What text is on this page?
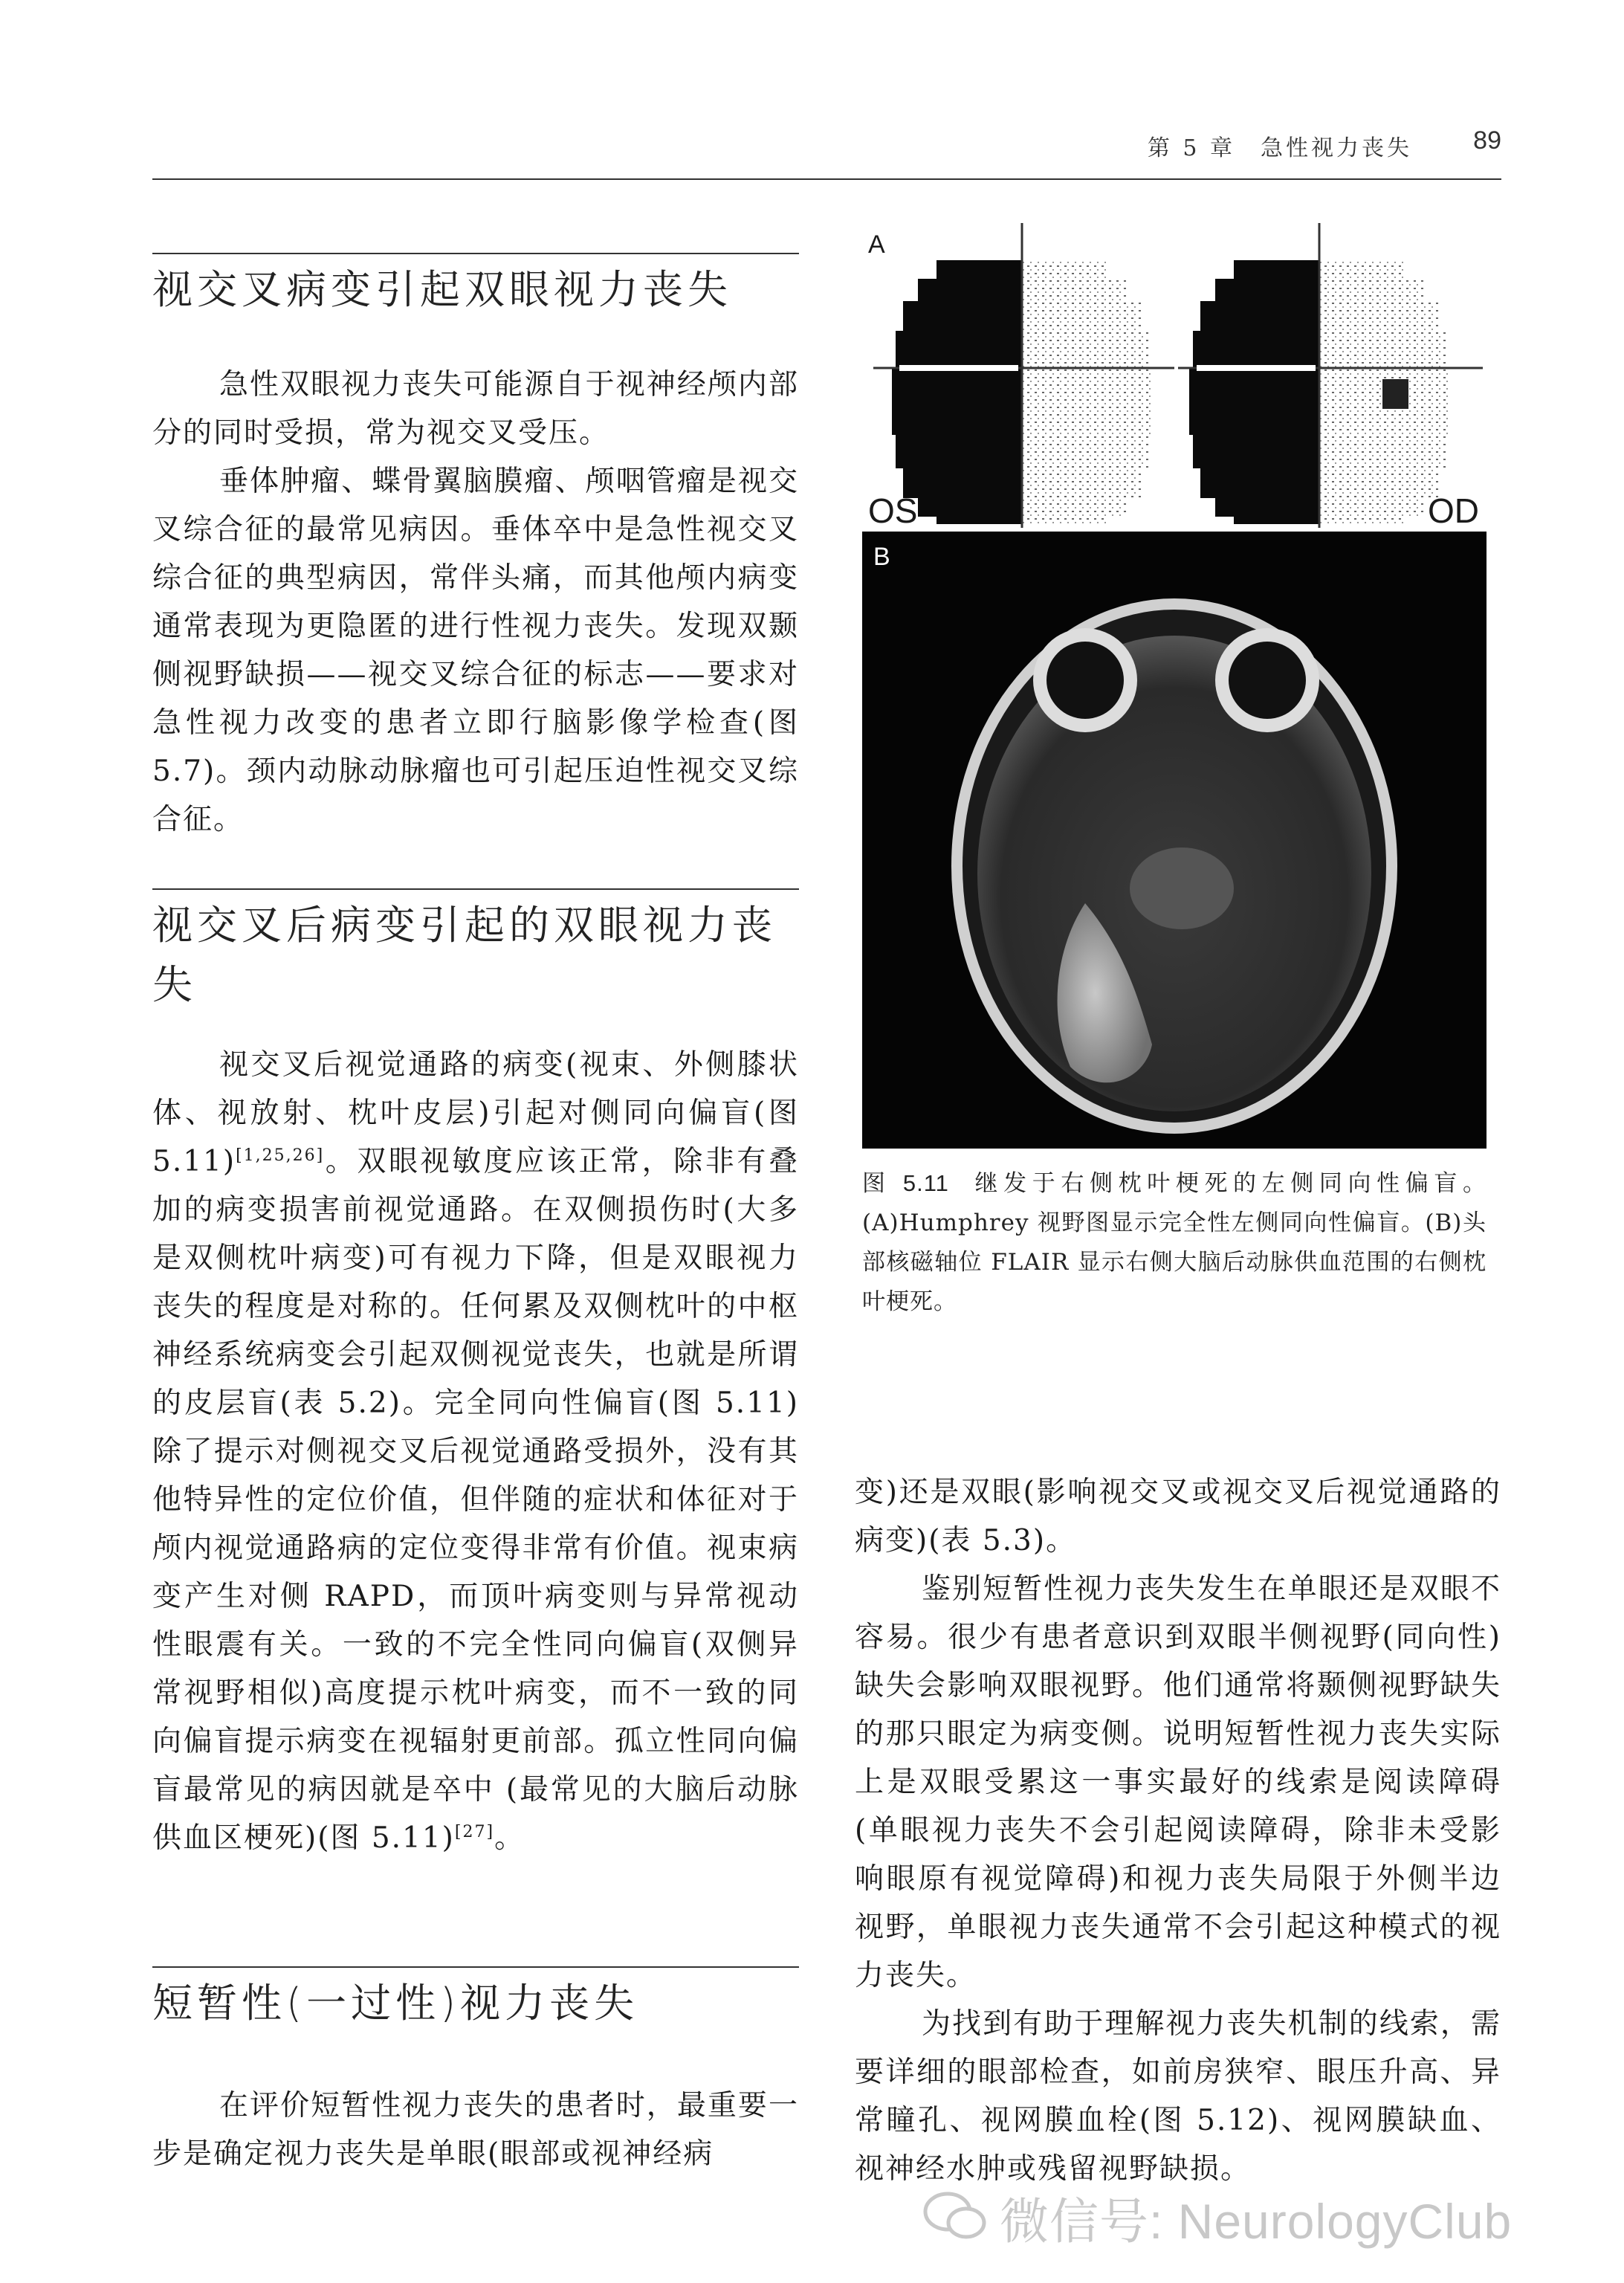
第 5 章　急性视力丧失 89
视交叉病变引起双眼视力丧失
急性双眼视力丧失可能源自于视神经颅内部分的同时受损，常为视交叉受压。
垂体肿瘤、蝶骨翼脑膜瘤、颅咽管瘤是视交叉综合征的最常见病因。垂体卒中是急性视交叉综合征的典型病因，常伴头痛，而其他颅内病变通常表现为更隐匿的进行性视力丧失。发现双颞侧视野缺损——视交叉综合征的标志——要求对急性视力改变的患者立即行脑影像学检查(图 5.7)。颈内动脉动脉瘤也可引起压迫性视交叉综合征。
视交叉后病变引起的双眼视力丧失
视交叉后视觉通路的病变(视束、外侧膝状体、视放射、枕叶皮层)引起对侧同向偏盲(图 5.11)[1,25,26]。双眼视敏度应该正常，除非有叠加的病变损害前视觉通路。在双侧损伤时(大多是双侧枕叶病变)可有视力下降，但是双眼视力丧失的程度是对称的。任何累及双侧枕叶的中枢神经系统病变会引起双侧视觉丧失，也就是所谓的皮层盲(表 5.2)。完全同向性偏盲(图 5.11)除了提示对侧视交叉后视觉通路受损外，没有其他特异性的定位价值，但伴随的症状和体征对于颅内视觉通路病的定位变得非常有价值。视束病变产生对侧 RAPD，而顶叶病变则与异常视动性眼震有关。一致的不完全性同向偏盲(双侧异常视野相似)高度提示枕叶病变，而不一致的同向偏盲提示病变在视辐射更前部。孤立性同向偏盲最常见的病因就是卒中 (最常见的大脑后动脉供血区梗死)(图 5.11)[27]。
短暂性(一过性)视力丧失
在评价短暂性视力丧失的患者时，最重要一步是确定视力丧失是单眼(眼部或视神经病
A
OS	OD
B
图 5.11 继发于右侧枕叶梗死的左侧同向性偏盲。(A)Humphrey 视野图显示完全性左侧同向性偏盲。(B)头部核磁轴位 FLAIR 显示右侧大脑后动脉供血范围的右侧枕叶梗死。
变)还是双眼(影响视交叉或视交叉后视觉通路的病变)(表 5.3)。
鉴别短暂性视力丧失发生在单眼还是双眼不容易。很少有患者意识到双眼半侧视野(同向性)缺失会影响双眼视野。他们通常将颞侧视野缺失的那只眼定为病变侧。说明短暂性视力丧失实际上是双眼受累这一事实最好的线索是阅读障碍(单眼视力丧失不会引起阅读障碍，除非未受影响眼原有视觉障碍)和视力丧失局限于外侧半边视野，单眼视力丧失通常不会引起这种模式的视力丧失。
为找到有助于理解视力丧失机制的线索，需要详细的眼部检查，如前房狭窄、眼压升高、异常瞳孔、视网膜血栓(图 5.12)、视网膜缺血、视神经水肿或残留视野缺损。
微信号: NeurologyClub
